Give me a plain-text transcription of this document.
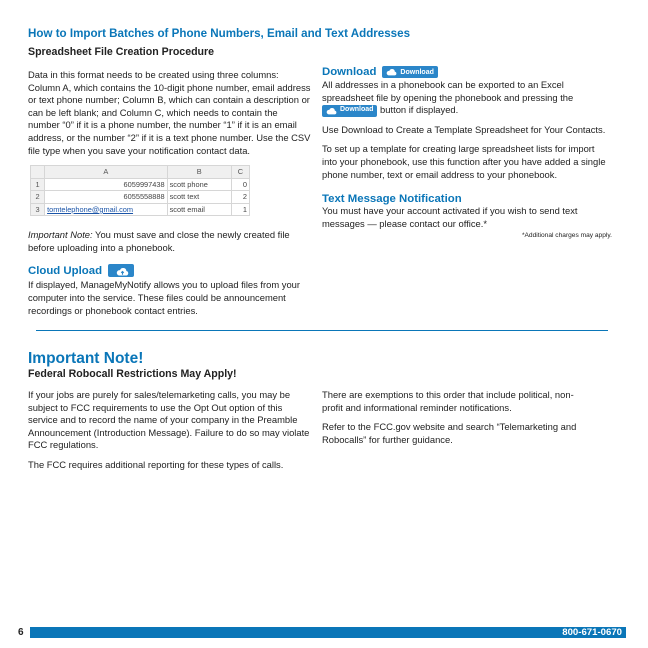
How to Import Batches of Phone Numbers, Email and Text Addresses
Spreadsheet File Creation Procedure

Data in this format needs to be created using three columns: Column A, which contains the 10-digit phone number, email address or text phone number; Column B, which can contain a description or can be left blank; and Column C, which needs to contain the number “0” if it is a phone number, the number “1” if it is an email address, or the number “2” if it is a text phone number. Use the CSV file type when you save your notification contact data.

	A	B	C
1	6059997438	scott phone	0
2	6055558888	scott text	2
3	tomtelephone@gmail.com	scott email	1

Important Note: You must save and close the newly created file before uploading into a phonebook.

Cloud Upload

If displayed, ManageMyNotify allows you to upload files from your computer into the service. These files could be announcement recordings or phonebook contact entries.

Download	Download

All addresses in a phonebook can be exported to an Excel spreadsheet file by opening the phonebook and pressing the
Download button if displayed.

Use Download to Create a Template Spreadsheet for Your Contacts.

To set up a template for creating large spreadsheet lists for import into your phonebook, use this function after you have added a single phone number, text or email address to your phonebook.

Text Message Notification

You must have your account activated if you wish to send text messages — please contact our office.*

*Additional charges may apply.

Important Note!
Federal Robocall Restrictions May Apply!

If your jobs are purely for sales/telemarketing calls, you may be subject to FCC requirements to use the Opt Out option of this service and to record the name of your company in the Preamble Announcement (Introduction Message). Failure to do so may violate FCC regulations.

The FCC requires additional reporting for these types of calls.

There are exemptions to this order that include political, non-profit and informational reminder notifications.

Refer to the FCC.gov website and search “Telemarketing and Robocalls” for further guidance.

6	800-671-0670
